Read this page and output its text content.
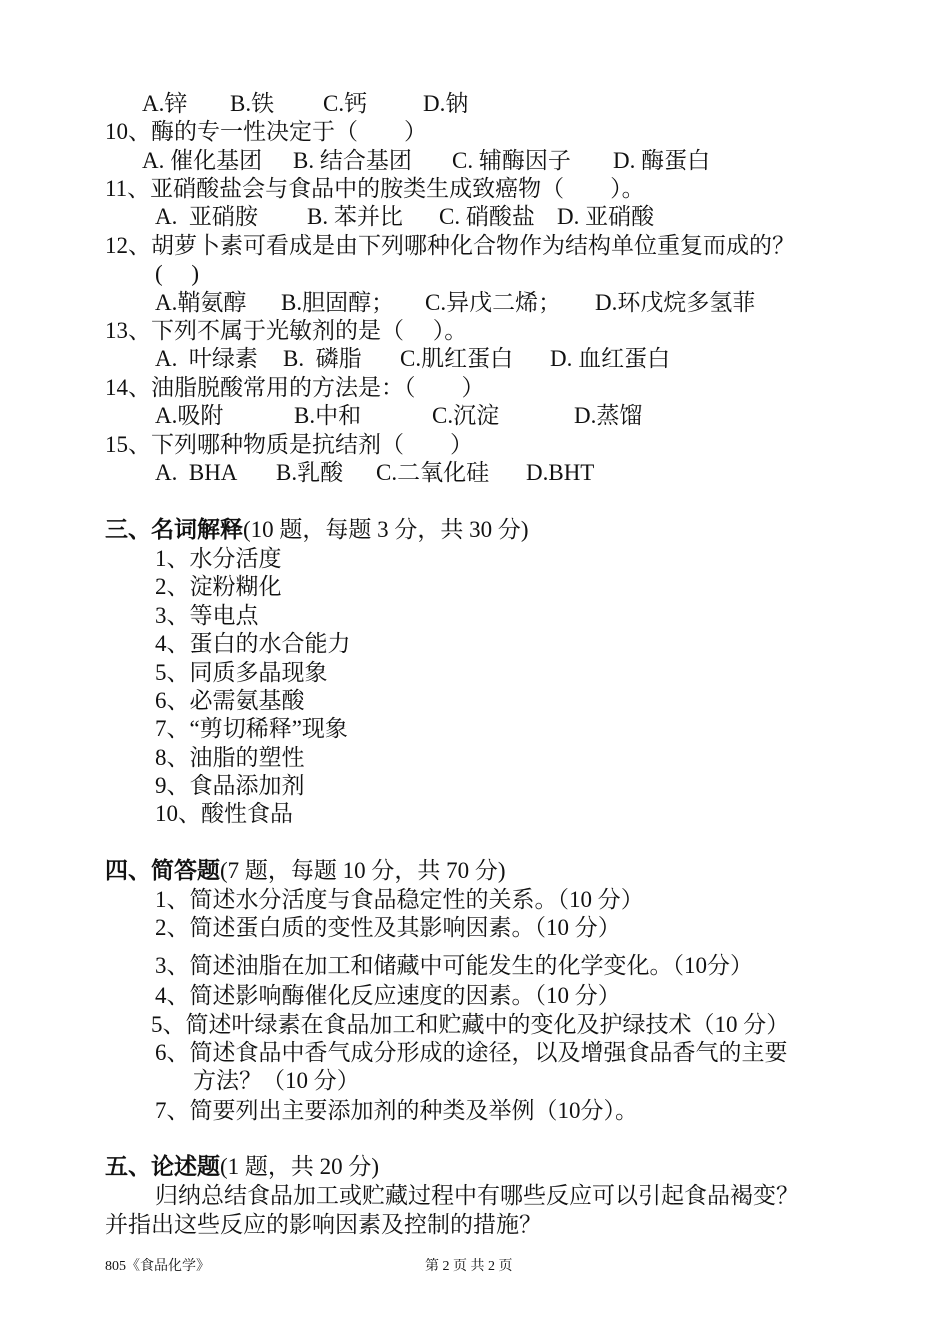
A.锌 B.铁 C.钙 D.钠
10、酶的专一性决定于（　　）
A. 催化基团 B. 结合基团 C. 辅酶因子 D. 酶蛋白
11、亚硝酸盐会与食品中的胺类生成致癌物（　　）。
A.  亚硝胺 B. 苯并比 C. 硝酸盐 D. 亚硝酸
12、胡萝卜素可看成是由下列哪种化合物作为结构单位重复而成的？
(　 )
A.鞘氨醇 B.胆固醇； C.异戊二烯； D.环戊烷多氢菲
13、下列不属于光敏剂的是（　 ）。
A.  叶绿素 B.  磷脂 C.肌红蛋白 D. 血红蛋白
14、油脂脱酸常用的方法是：（　　）
A.吸附	B.中和	C.沉淀	D.蒸馏
15、下列哪种物质是抗结剂（　　）
A.  BHA B.乳酸 C.二氧化硅 D.BHT
三、名词解释(10 题，每题 3 分，共 30 分)
1、水分活度
2、淀粉糊化
3、等电点
4、蛋白的水合能力
5、同质多晶现象
6、必需氨基酸
7、“剪切稀释”现象
8、油脂的塑性
9、食品添加剂
10、酸性食品
四、简答题(7 题，每题 10 分，共 70 分)
1、简述水分活度与食品稳定性的关系。（10 分）
2、简述蛋白质的变性及其影响因素。（10 分）
3、简述油脂在加工和储藏中可能发生的化学变化。（10分）
4、简述影响酶催化反应速度的因素。（10 分）
5、简述叶绿素在食品加工和贮藏中的变化及护绿技术（10 分）
6、简述食品中香气成分形成的途径，以及增强食品香气的主要
方法？（10 分）
7、简要列出主要添加剂的种类及举例（10分）。
五、论述题(1 题，共 20 分)
归纳总结食品加工或贮藏过程中有哪些反应可以引起食品褐变？
并指出这些反应的影响因素及控制的措施？
805《食品化学》	第 2 页 共 2 页
